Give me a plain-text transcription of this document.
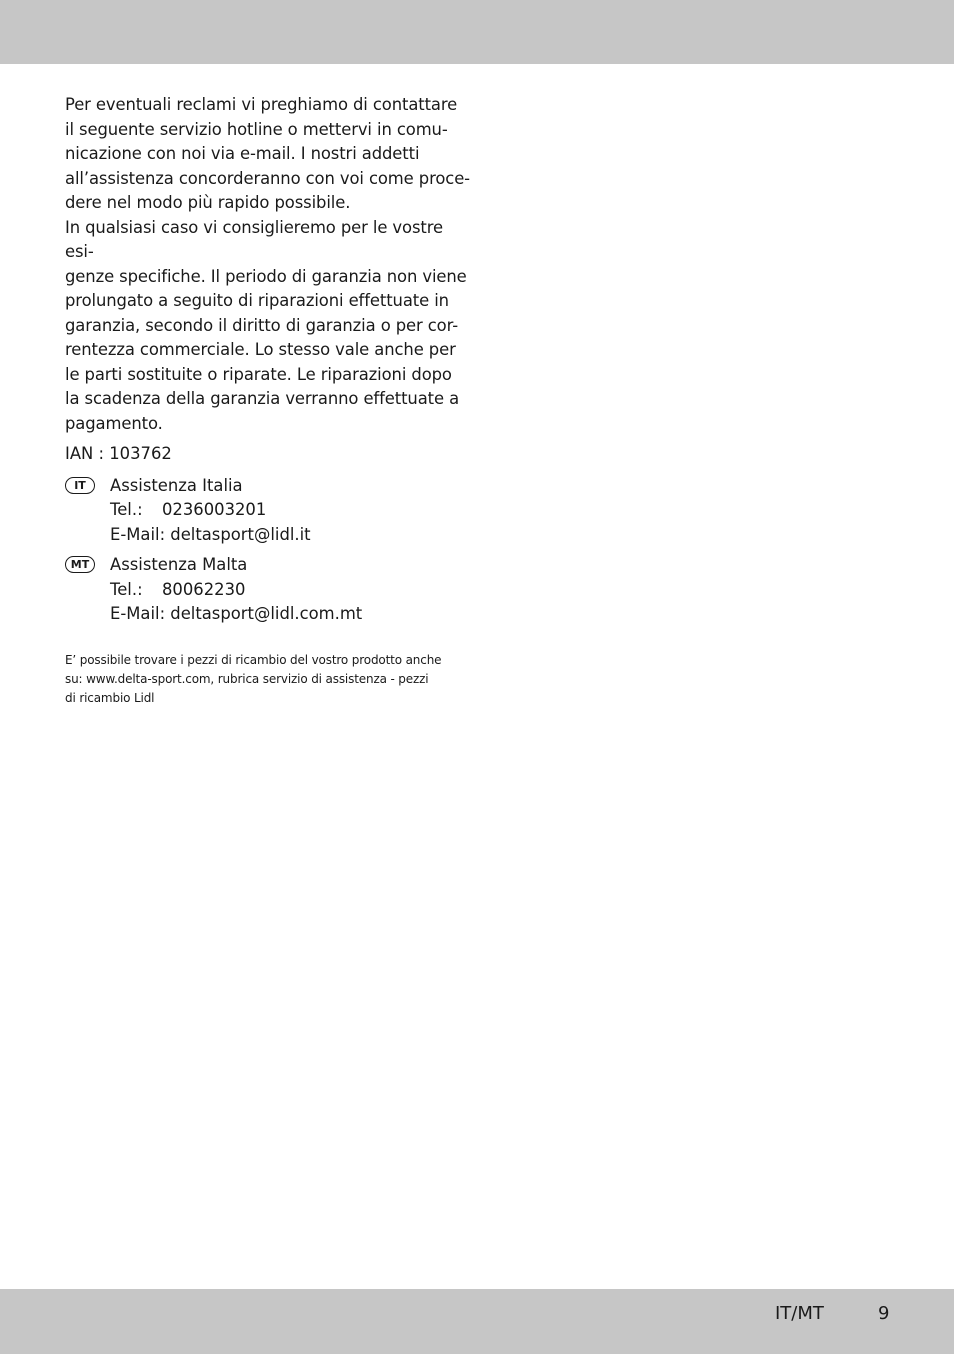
Per eventuali reclami vi preghiamo di contattare
il seguente servizio hotline o mettervi in comu-
nicazione con noi via e-mail. I nostri addetti
all’assistenza concorderanno con voi come proce-
dere nel modo più rapido possibile.
In qualsiasi caso vi consiglieremo per le vostre esi-
genze specifiche. Il periodo di garanzia non viene
prolungato a seguito di riparazioni effettuate in
garanzia, secondo il diritto di garanzia o per cor-
rentezza commerciale. Lo stesso vale anche per
le parti sostituite o riparate. Le riparazioni dopo
la scadenza della garanzia verranno effettuate a
pagamento.

IAN : 103762

IT	Assistenza Italia
Tel.: 0236003201
E-Mail: deltasport@lidl.it
MT	Assistenza Malta
Tel.: 80062230
E-Mail: deltasport@lidl.com.mt

E’ possibile trovare i pezzi di ricambio del vostro prodotto anche
su: www.delta-sport.com, rubrica servizio di assistenza - pezzi
di ricambio Lidl

IT/MT	9
